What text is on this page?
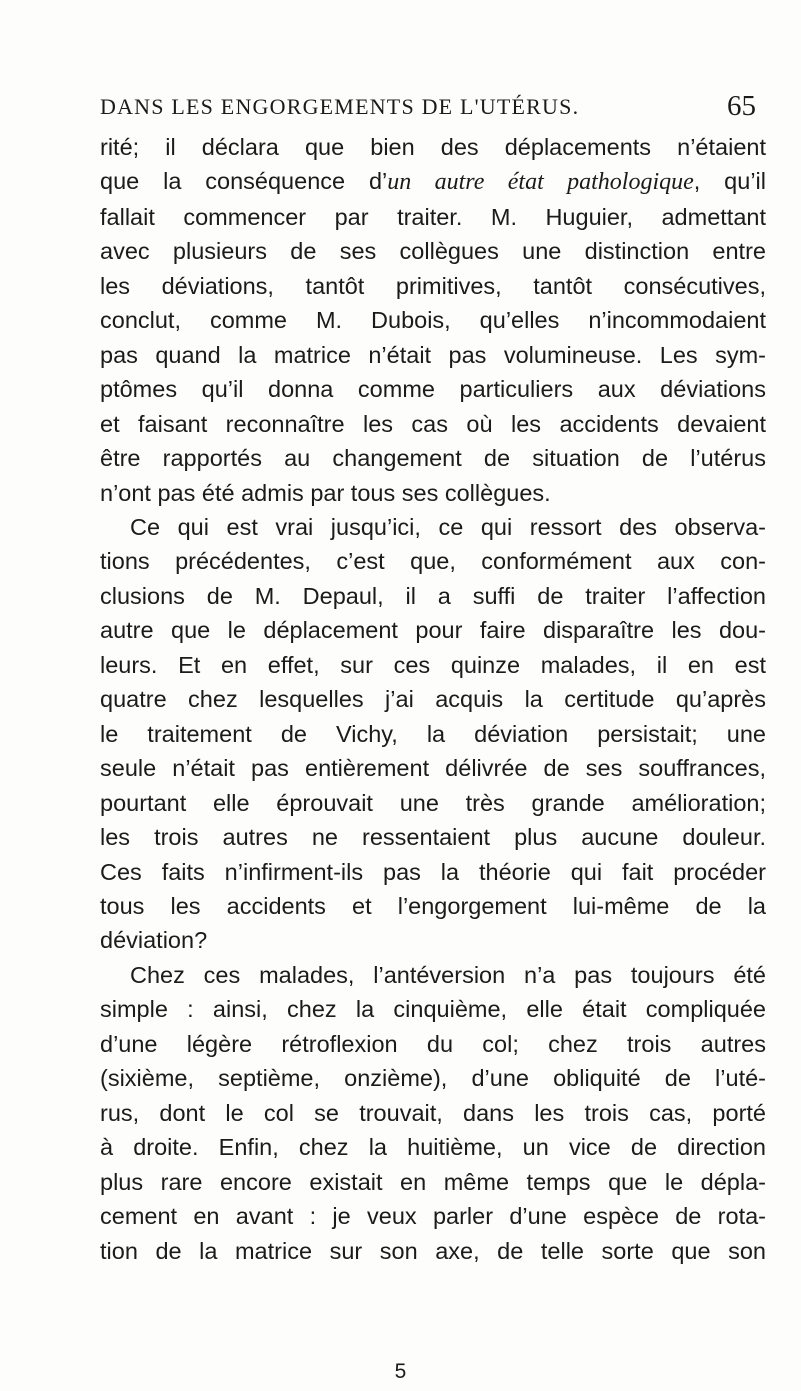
DANS LES ENGORGEMENTS DE L'UTÉRUS.	65
rité; il déclara que bien des déplacements n’étaient
que la conséquence d’un autre état pathologique, qu’il
fallait commencer par traiter. M. Huguier, admettant
avec plusieurs de ses collègues une distinction entre
les déviations, tantôt primitives, tantôt consécutives,
conclut, comme M. Dubois, qu’elles n’incommodaient
pas quand la matrice n’était pas volumineuse. Les sym-
ptômes qu’il donna comme particuliers aux déviations
et faisant reconnaître les cas où les accidents devaient
être rapportés au changement de situation de l’utérus
n’ont pas été admis par tous ses collègues.
Ce qui est vrai jusqu’ici, ce qui ressort des observa-
tions précédentes, c’est que, conformément aux con-
clusions de M. Depaul, il a suffi de traiter l’affection
autre que le déplacement pour faire disparaître les dou-
leurs. Et en effet, sur ces quinze malades, il en est
quatre chez lesquelles j’ai acquis la certitude qu’après
le traitement de Vichy, la déviation persistait; une
seule n’était pas entièrement délivrée de ses souffrances,
pourtant elle éprouvait une très grande amélioration;
les trois autres ne ressentaient plus aucune douleur.
Ces faits n’infirment-ils pas la théorie qui fait procéder
tous les accidents et l’engorgement lui-même de la
déviation?
Chez ces malades, l’antéversion n’a pas toujours été
simple : ainsi, chez la cinquième, elle était compliquée
d’une légère rétroflexion du col; chez trois autres
(sixième, septième, onzième), d’une obliquité de l’uté-
rus, dont le col se trouvait, dans les trois cas, porté
à droite. Enfin, chez la huitième, un vice de direction
plus rare encore existait en même temps que le dépla-
cement en avant : je veux parler d’une espèce de rota-
tion de la matrice sur son axe, de telle sorte que son
5
